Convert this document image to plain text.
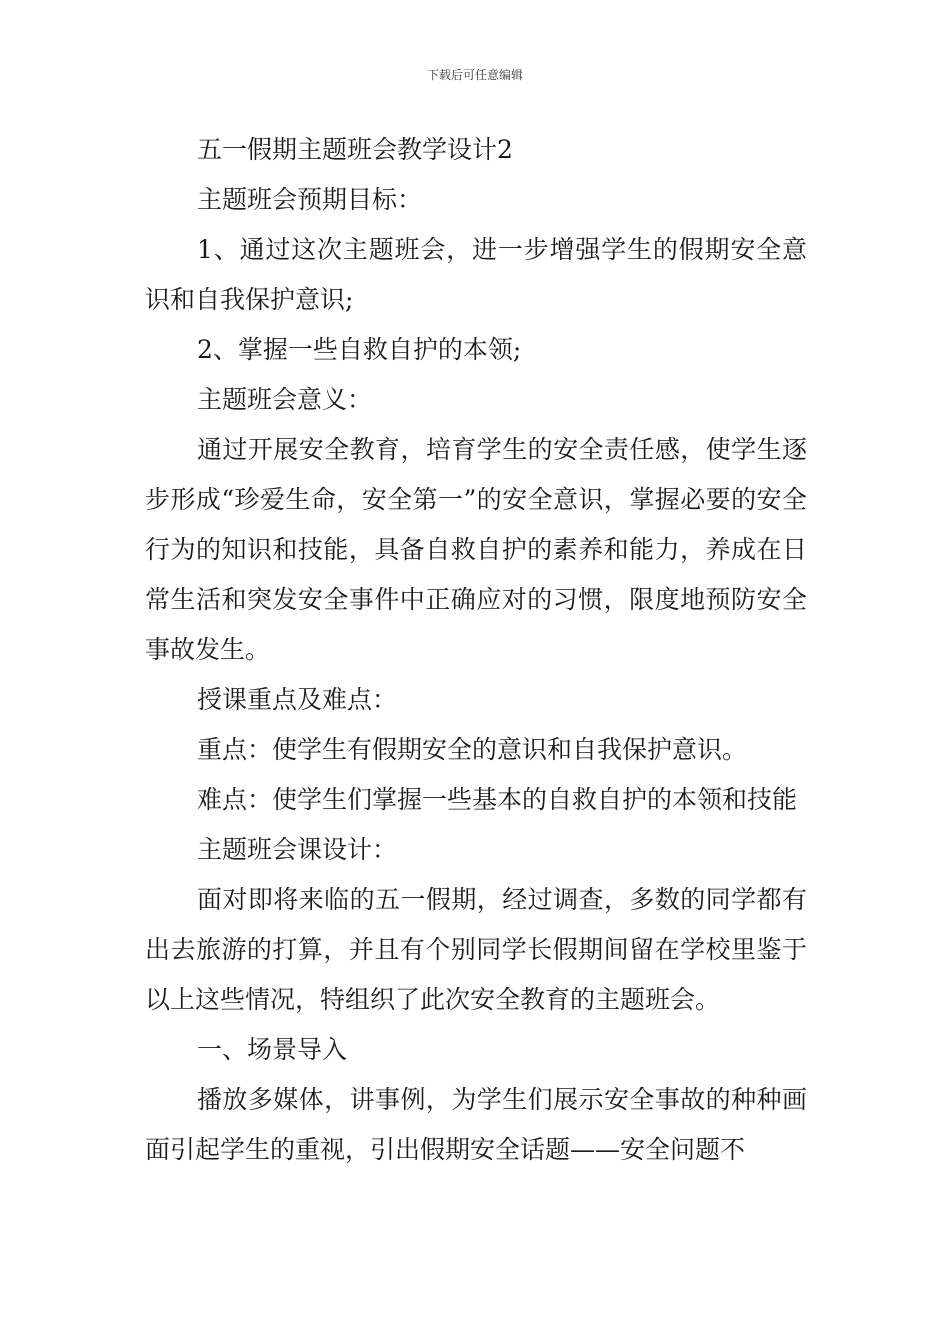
下载后可任意编辑

五一假期主题班会教学设计2

主题班会预期目标：

1、通过这次主题班会，进一步增强学生的假期安全意识和自我保护意识;

2、掌握一些自救自护的本领;

主题班会意义：

通过开展安全教育，培育学生的安全责任感，使学生逐步形成“珍爱生命，安全第一”的安全意识，掌握必要的安全行为的知识和技能，具备自救自护的素养和能力，养成在日常生活和突发安全事件中正确应对的习惯，限度地预防安全事故发生。

授课重点及难点：

重点：使学生有假期安全的意识和自我保护意识。

难点：使学生们掌握一些基本的自救自护的本领和技能

主题班会课设计：

面对即将来临的五一假期，经过调查，多数的同学都有出去旅游的打算，并且有个别同学长假期间留在学校里鉴于以上这些情况，特组织了此次安全教育的主题班会。

一、场景导入

播放多媒体，讲事例，为学生们展示安全事故的种种画面引起学生的重视，引出假期安全话题——安全问题不
